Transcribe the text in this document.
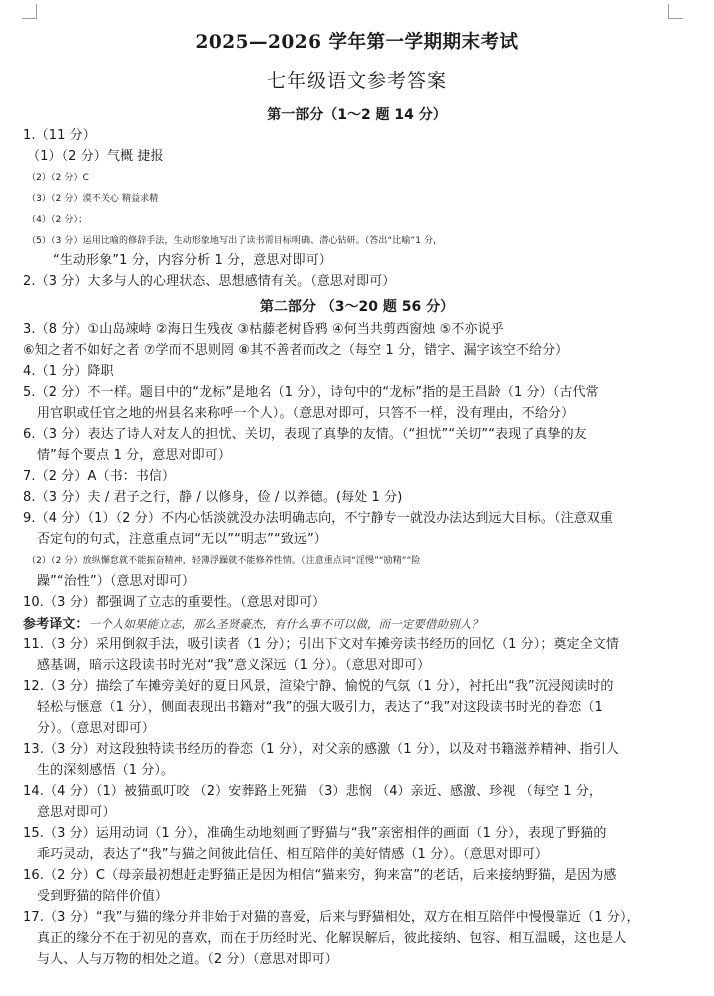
2025—2026 学年第一学期期末考试
七年级语文参考答案
第一部分（1～2 题 14 分）
1.（11 分）
（1）（2 分）气概 捷报
（2）（2 分）C
（3）（2 分）漠不关心 精益求精
（4）（2 分）；
（5）（3 分）运用比喻的修辞手法，生动形象地写出了读书需目标明确、潜心钻研。（答出“比喻”1 分，
“生动形象”1 分，内容分析 1 分，意思对即可）
2.（3 分）大多与人的心理状态、思想感情有关。（意思对即可）
第二部分 （3～20 题 56 分）
3.（8 分）①山岛竦峙 ②海日生残夜 ③枯藤老树昏鸦 ④何当共剪西窗烛 ⑤不亦说乎
⑥知之者不如好之者 ⑦学而不思则罔 ⑧其不善者而改之（每空 1 分，错字、漏字该空不给分）
4.（1 分）降职
5.（2 分）不一样。题目中的“龙标”是地名（1 分），诗句中的“龙标”指的是王昌龄（1 分）（古代常
用官职或任官之地的州县名来称呼一个人）。（意思对即可，只答不一样，没有理由，不给分）
6.（3 分）表达了诗人对友人的担忧、关切，表现了真挚的友情。（“担忧”“关切”“表现了真挚的友
情”每个要点 1 分，意思对即可）
7.（2 分）A（书：书信）
8.（3 分）夫 / 君子之行，静 / 以修身，俭 / 以养德。(每处 1 分)
9.（4 分）（1）（2 分）不内心恬淡就没办法明确志向，不宁静专一就没办法达到远大目标。（注意双重
否定句的句式，注意重点词“无以”“明志”“致远”）
（2）（2 分）放纵懈怠就不能振奋精神，轻薄浮躁就不能修养性情。（注意重点词“淫慢”“励精”“险
躁”“治性”）（意思对即可）
10.（3 分）都强调了立志的重要性。（意思对即可）
参考译文：一个人如果能立志，那么圣贤豪杰，有什么事不可以做，而一定要借助别人？
11.（3 分）采用倒叙手法，吸引读者（1 分）；引出下文对车摊旁读书经历的回忆（1 分）；奠定全文情
感基调，暗示这段读书时光对“我”意义深远（1 分）。（意思对即可）
12.（3 分）描绘了车摊旁美好的夏日风景，渲染宁静、愉悦的气氛（1 分），衬托出“我”沉浸阅读时的
轻松与惬意（1 分），侧面表现出书籍对“我”的强大吸引力，表达了“我”对这段读书时光的眷恋（1
分）。（意思对即可）
13.（3 分）对这段独特读书经历的眷恋（1 分），对父亲的感激（1 分），以及对书籍滋养精神、指引人
生的深刻感悟（1 分）。
14.（4 分）（1）被猫虱叮咬 （2）安葬路上死猫 （3）悲悯 （4）亲近、感激、珍视 （每空 1 分，
意思对即可）
15.（3 分）运用动词（1 分），准确生动地刻画了野猫与“我”亲密相伴的画面（1 分），表现了野猫的
乖巧灵动，表达了“我”与猫之间彼此信任、相互陪伴的美好情感（1 分）。（意思对即可）
16.（2 分）C（母亲最初想赶走野猫正是因为相信“猫来穷，狗来富”的老话，后来接纳野猫，是因为感
受到野猫的陪伴价值）
17.（3 分）“我”与猫的缘分并非始于对猫的喜爱，后来与野猫相处，双方在相互陪伴中慢慢靠近（1 分），
真正的缘分不在于初见的喜欢，而在于历经时光、化解误解后，彼此接纳、包容、相互温暖，这也是人
与人、人与万物的相处之道。（2 分）（意思对即可）
